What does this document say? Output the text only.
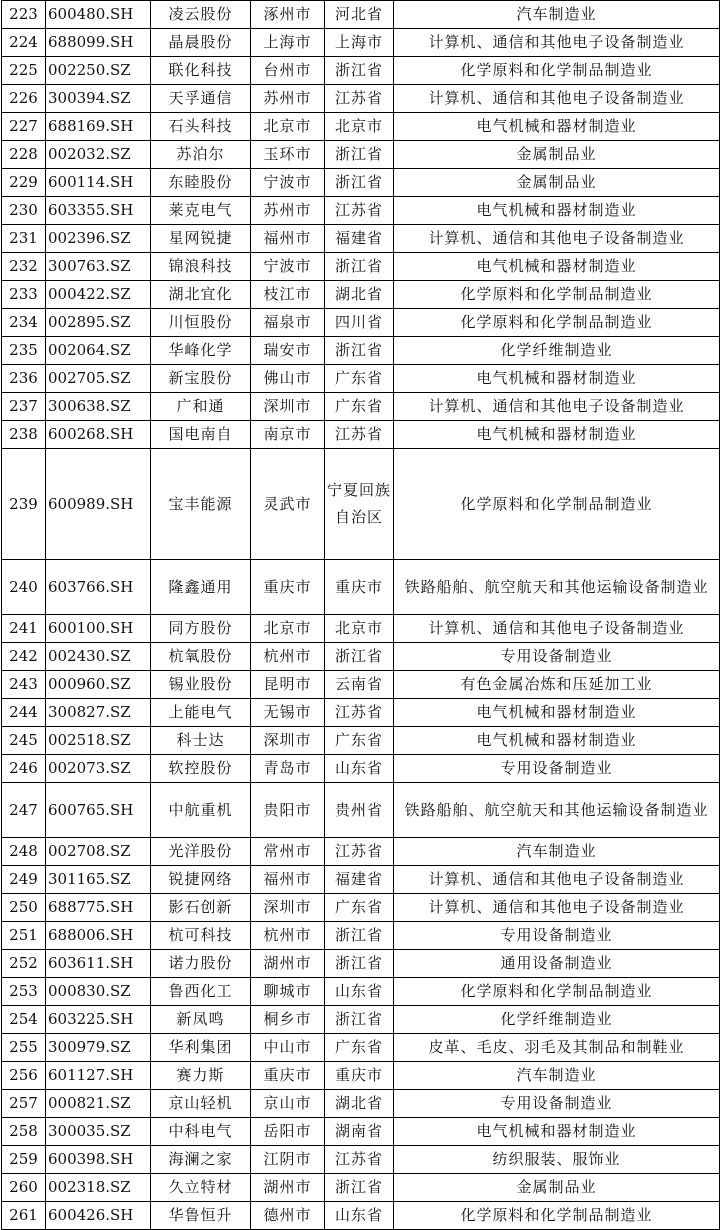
223	600480.SH	凌云股份	涿州市	河北省	汽车制造业
224	688099.SH	晶晨股份	上海市	上海市	计算机、通信和其他电子设备制造业
225	002250.SZ	联化科技	台州市	浙江省	化学原料和化学制品制造业
226	300394.SZ	天孚通信	苏州市	江苏省	计算机、通信和其他电子设备制造业
227	688169.SH	石头科技	北京市	北京市	电气机械和器材制造业
228	002032.SZ	苏泊尔	玉环市	浙江省	金属制品业
229	600114.SH	东睦股份	宁波市	浙江省	金属制品业
230	603355.SH	莱克电气	苏州市	江苏省	电气机械和器材制造业
231	002396.SZ	星网锐捷	福州市	福建省	计算机、通信和其他电子设备制造业
232	300763.SZ	锦浪科技	宁波市	浙江省	电气机械和器材制造业
233	000422.SZ	湖北宜化	枝江市	湖北省	化学原料和化学制品制造业
234	002895.SZ	川恒股份	福泉市	四川省	化学原料和化学制品制造业
235	002064.SZ	华峰化学	瑞安市	浙江省	化学纤维制造业
236	002705.SZ	新宝股份	佛山市	广东省	电气机械和器材制造业
237	300638.SZ	广和通	深圳市	广东省	计算机、通信和其他电子设备制造业
238	600268.SH	国电南自	南京市	江苏省	电气机械和器材制造业
239	600989.SH	宝丰能源	灵武市	宁夏回族自治区	化学原料和化学制品制造业
240	603766.SH	隆鑫通用	重庆市	重庆市	铁路船舶、航空航天和其他运输设备制造业
241	600100.SH	同方股份	北京市	北京市	计算机、通信和其他电子设备制造业
242	002430.SZ	杭氧股份	杭州市	浙江省	专用设备制造业
243	000960.SZ	锡业股份	昆明市	云南省	有色金属冶炼和压延加工业
244	300827.SZ	上能电气	无锡市	江苏省	电气机械和器材制造业
245	002518.SZ	科士达	深圳市	广东省	电气机械和器材制造业
246	002073.SZ	软控股份	青岛市	山东省	专用设备制造业
247	600765.SH	中航重机	贵阳市	贵州省	铁路船舶、航空航天和其他运输设备制造业
248	002708.SZ	光洋股份	常州市	江苏省	汽车制造业
249	301165.SZ	锐捷网络	福州市	福建省	计算机、通信和其他电子设备制造业
250	688775.SH	影石创新	深圳市	广东省	计算机、通信和其他电子设备制造业
251	688006.SH	杭可科技	杭州市	浙江省	专用设备制造业
252	603611.SH	诺力股份	湖州市	浙江省	通用设备制造业
253	000830.SZ	鲁西化工	聊城市	山东省	化学原料和化学制品制造业
254	603225.SH	新凤鸣	桐乡市	浙江省	化学纤维制造业
255	300979.SZ	华利集团	中山市	广东省	皮革、毛皮、羽毛及其制品和制鞋业
256	601127.SH	赛力斯	重庆市	重庆市	汽车制造业
257	000821.SZ	京山轻机	京山市	湖北省	专用设备制造业
258	300035.SZ	中科电气	岳阳市	湖南省	电气机械和器材制造业
259	600398.SH	海澜之家	江阴市	江苏省	纺织服装、服饰业
260	002318.SZ	久立特材	湖州市	浙江省	金属制品业
261	600426.SH	华鲁恒升	德州市	山东省	化学原料和化学制品制造业
